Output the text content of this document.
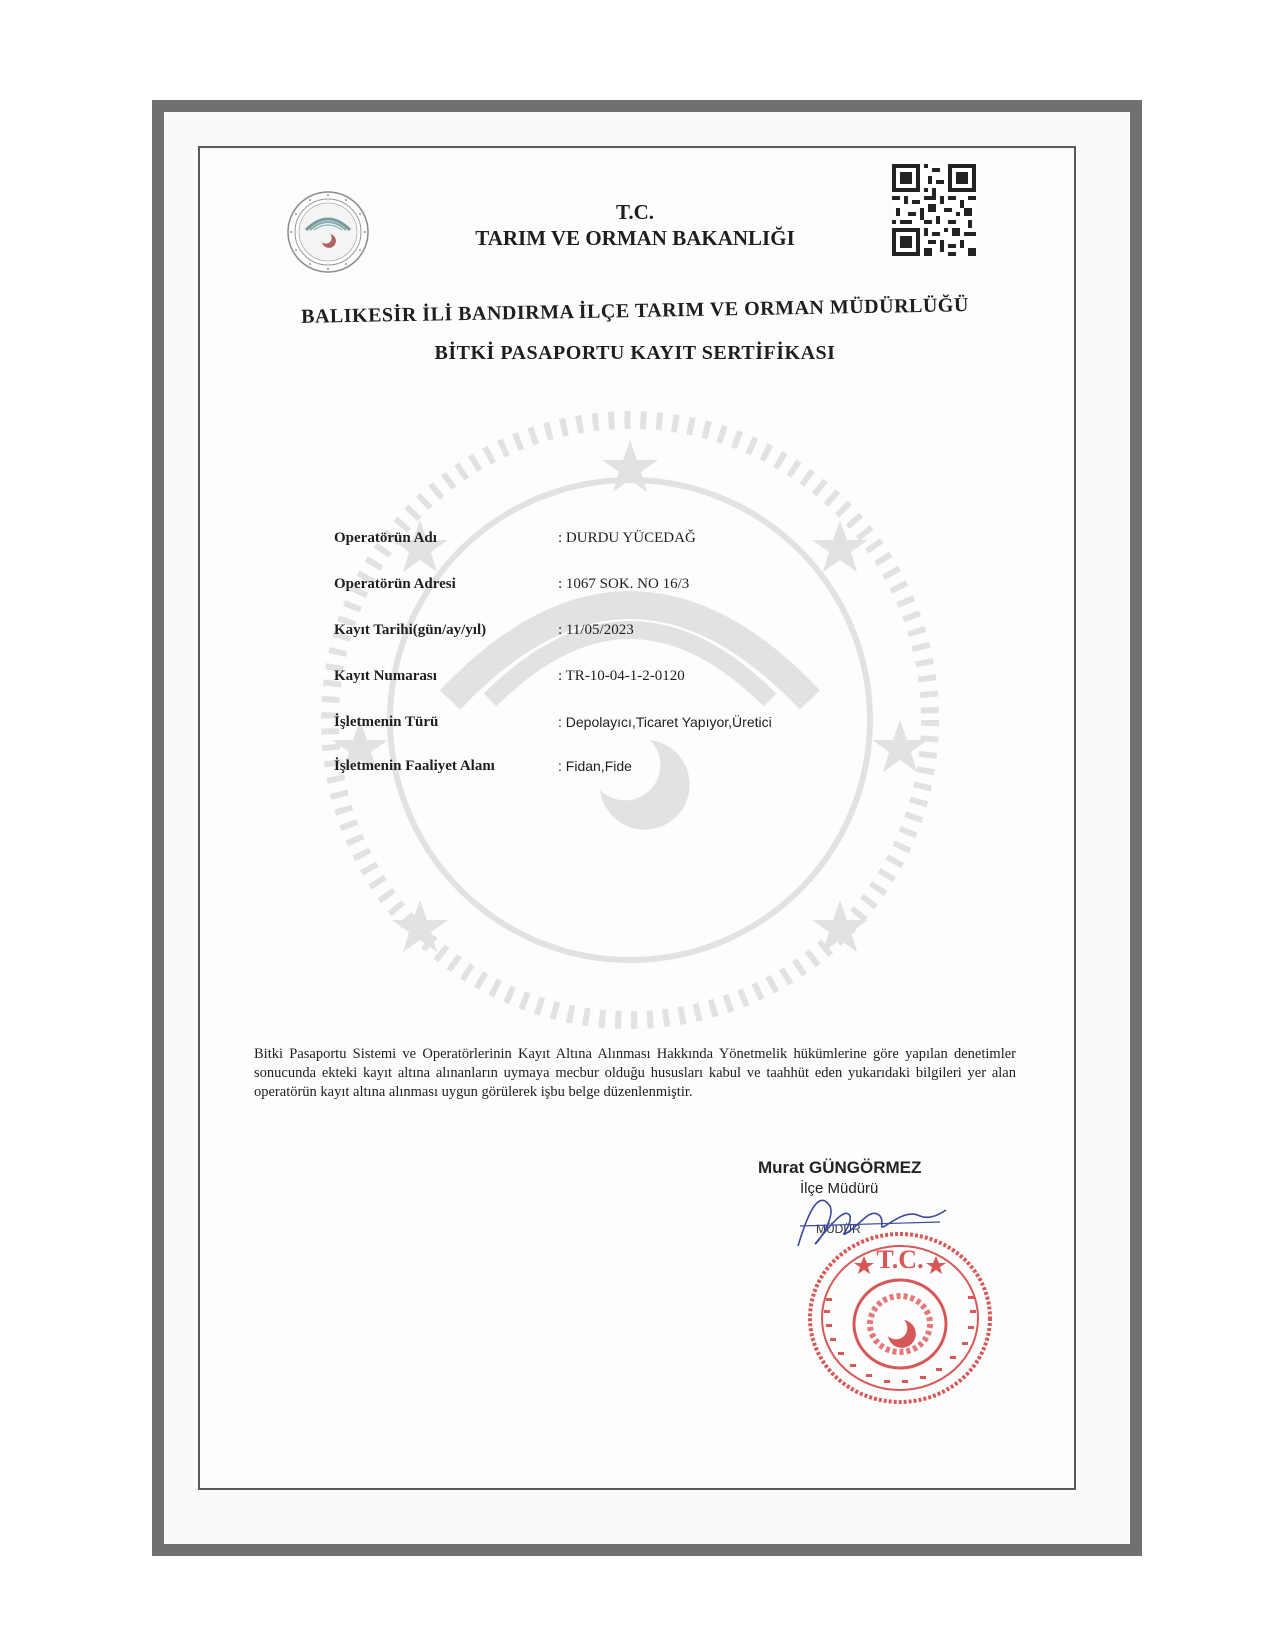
T.C.
TARIM VE ORMAN BAKANLIĞI
BALIKESİR İLİ BANDIRMA İLÇE TARIM VE ORMAN MÜDÜRLÜĞÜ
BİTKİ PASAPORTU KAYIT SERTİFİKASI
Operatörün Adı	: DURDU YÜCEDAĞ
Operatörün Adresi	: 1067 SOK. NO 16/3
Kayıt Tarihi(gün/ay/yıl)	: 11/05/2023
Kayıt Numarası	: TR-10-04-1-2-0120
İşletmenin Türü	: Depolayıcı,Ticaret Yapıyor,Üretici
İşletmenin Faaliyet Alanı	: Fidan,Fide
Bitki Pasaportu Sistemi ve Operatörlerinin Kayıt Altına Alınması Hakkında Yönetmelik hükümlerine göre yapılan denetimler sonucunda ekteki kayıt altına alınanların uymaya mecbur olduğu hususları kabul ve taahhüt eden yukarıdaki bilgileri yer alan operatörün kayıt altına alınması uygun görülerek işbu belge düzenlenmiştir.
Murat GÜNGÖRMEZ
İlçe Müdürü
MÜDÜR
T.C.
